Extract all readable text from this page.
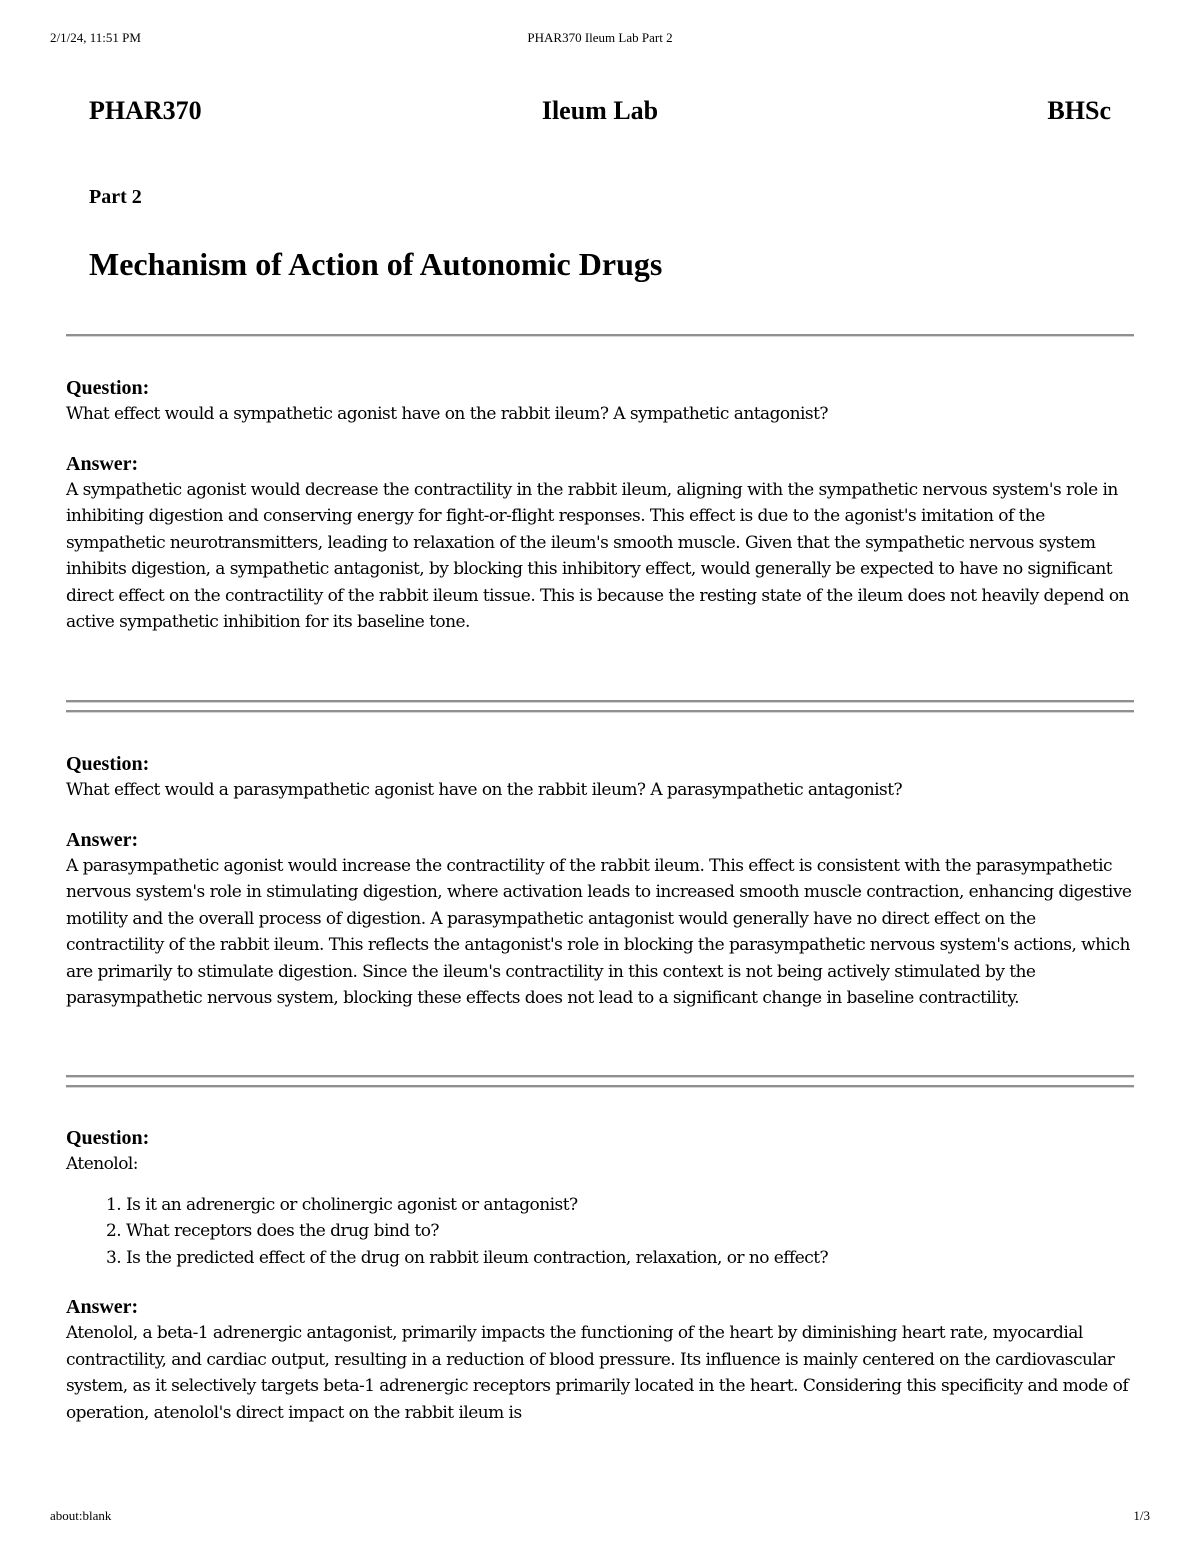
2/1/24, 11:51 PM	PHAR370 Ileum Lab Part 2
PHAR370	Ileum Lab	BHSc
Part 2
Mechanism of Action of Autonomic Drugs
Question:
What effect would a sympathetic agonist have on the rabbit ileum? A sympathetic antagonist?
Answer:
A sympathetic agonist would decrease the contractility in the rabbit ileum, aligning with the sympathetic nervous system's role in inhibiting digestion and conserving energy for fight-or-flight responses. This effect is due to the agonist's imitation of the sympathetic neurotransmitters, leading to relaxation of the ileum's smooth muscle. Given that the sympathetic nervous system inhibits digestion, a sympathetic antagonist, by blocking this inhibitory effect, would generally be expected to have no significant direct effect on the contractility of the rabbit ileum tissue. This is because the resting state of the ileum does not heavily depend on active sympathetic inhibition for its baseline tone.
Question:
What effect would a parasympathetic agonist have on the rabbit ileum? A parasympathetic antagonist?
Answer:
A parasympathetic agonist would increase the contractility of the rabbit ileum. This effect is consistent with the parasympathetic nervous system's role in stimulating digestion, where activation leads to increased smooth muscle contraction, enhancing digestive motility and the overall process of digestion. A parasympathetic antagonist would generally have no direct effect on the contractility of the rabbit ileum. This reflects the antagonist's role in blocking the parasympathetic nervous system's actions, which are primarily to stimulate digestion. Since the ileum's contractility in this context is not being actively stimulated by the parasympathetic nervous system, blocking these effects does not lead to a significant change in baseline contractility.
Question:
Atenolol:
1. Is it an adrenergic or cholinergic agonist or antagonist?
2. What receptors does the drug bind to?
3. Is the predicted effect of the drug on rabbit ileum contraction, relaxation, or no effect?
Answer:
Atenolol, a beta-1 adrenergic antagonist, primarily impacts the functioning of the heart by diminishing heart rate, myocardial contractility, and cardiac output, resulting in a reduction of blood pressure. Its influence is mainly centered on the cardiovascular system, as it selectively targets beta-1 adrenergic receptors primarily located in the heart. Considering this specificity and mode of operation, atenolol's direct impact on the rabbit ileum is
about:blank	1/3
